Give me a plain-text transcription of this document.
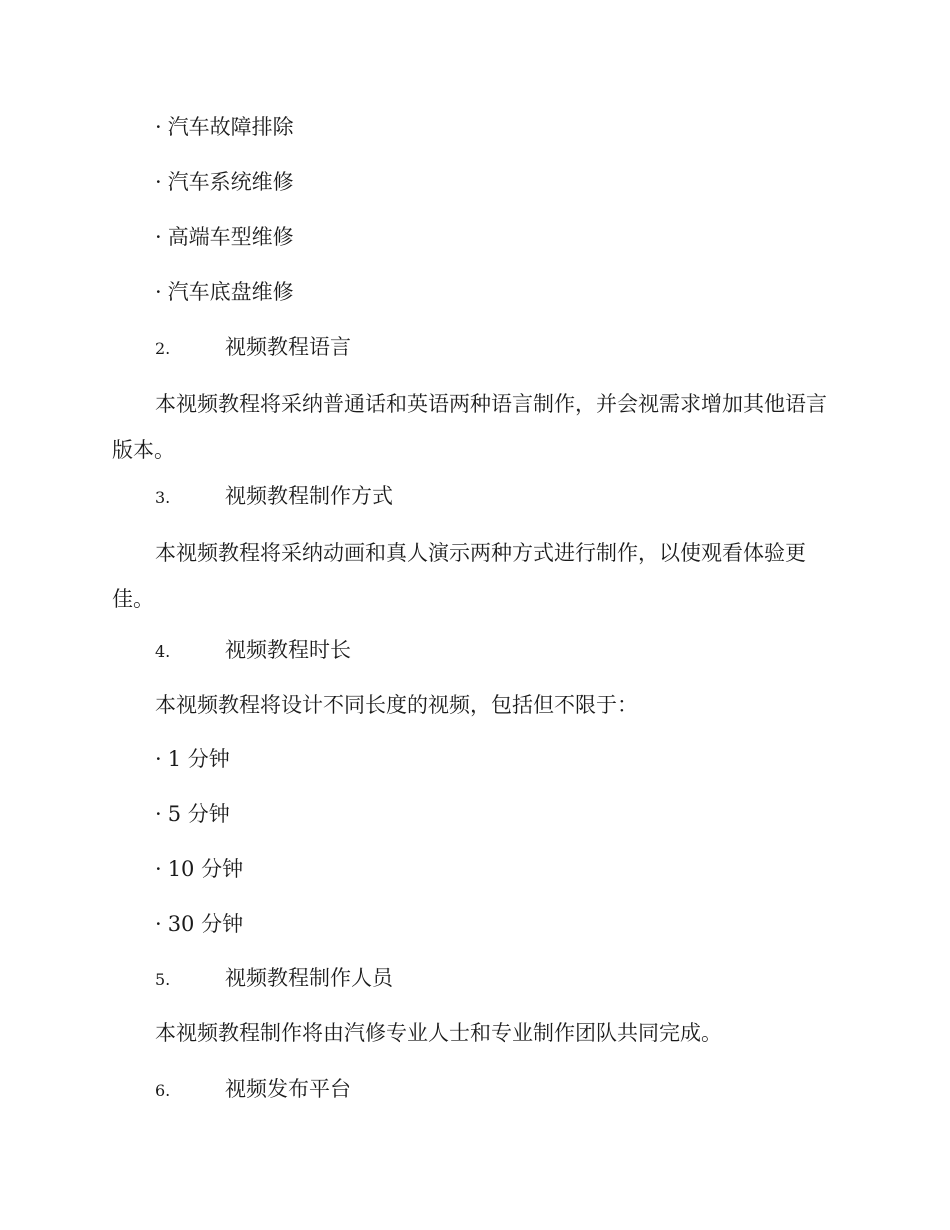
· 汽车故障排除
· 汽车系统维修
· 高端车型维修
· 汽车底盘维修
2.	视频教程语言
本视频教程将采纳普通话和英语两种语言制作，并会视需求增加其他语言版本。
3.	视频教程制作方式
本视频教程将采纳动画和真人演示两种方式进行制作，以使观看体验更佳。
4.	视频教程时长
本视频教程将设计不同长度的视频，包括但不限于：
· 1 分钟
· 5 分钟
· 10 分钟
· 30 分钟
5.	视频教程制作人员
本视频教程制作将由汽修专业人士和专业制作团队共同完成。
6.	视频发布平台
